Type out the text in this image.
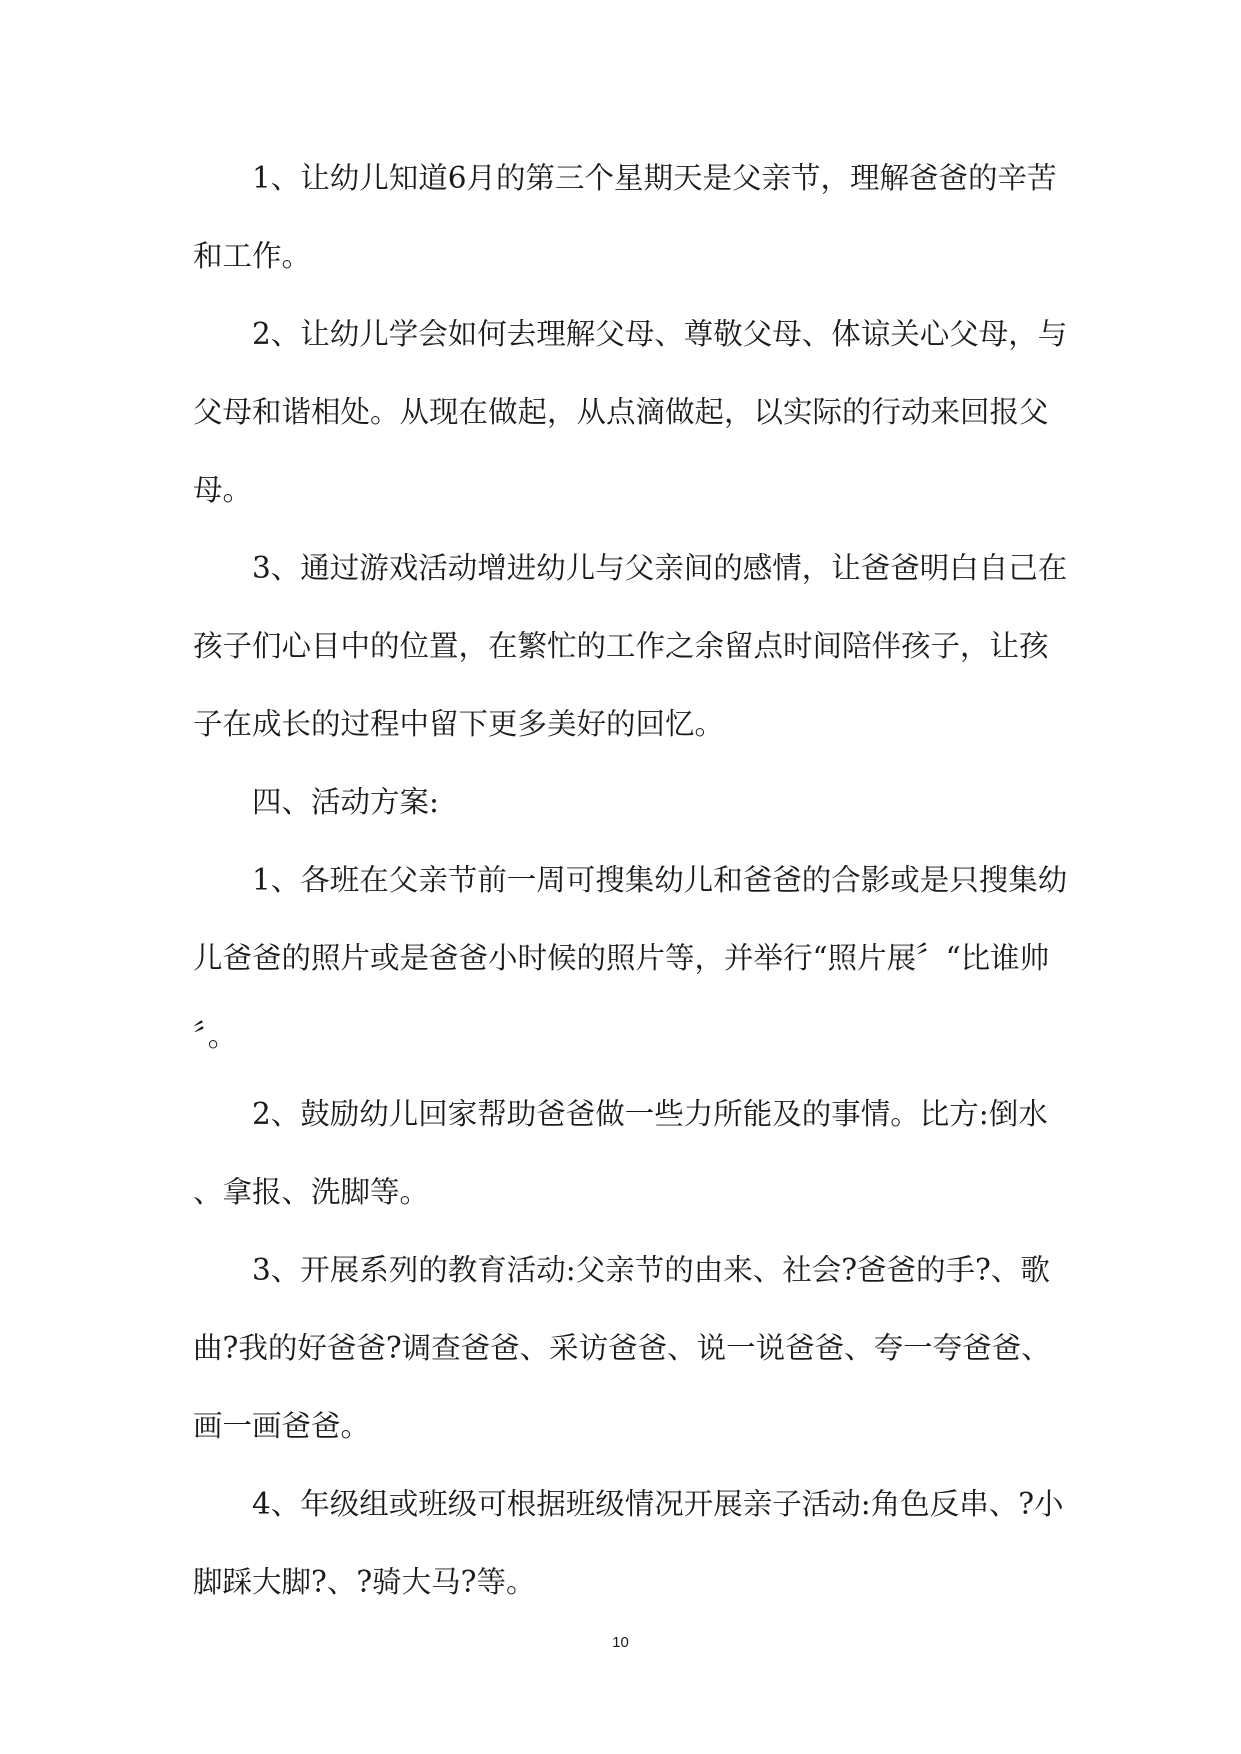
　　1、让幼儿知道6月的第三个星期天是父亲节，理解爸爸的辛苦

和工作。

　　2、让幼儿学会如何去理解父母、尊敬父母、体谅关心父母，与

父母和谐相处。从现在做起，从点滴做起，以实际的行动来回报父

母。

　　3、通过游戏活动增进幼儿与父亲间的感情，让爸爸明白自己在

孩子们心目中的位置，在繁忙的工作之余留点时间陪伴孩子，让孩

子在成长的过程中留下更多美好的回忆。

　　四、活动方案:

　　1、各班在父亲节前一周可搜集幼儿和爸爸的合影或是只搜集幼

儿爸爸的照片或是爸爸小时候的照片等，并举行“照片展〞“比谁帅

〞。

　　2、鼓励幼儿回家帮助爸爸做一些力所能及的事情。比方:倒水

、拿报、洗脚等。

　　3、开展系列的教育活动:父亲节的由来、社会?爸爸的手?、歌

曲?我的好爸爸?调查爸爸、采访爸爸、说一说爸爸、夸一夸爸爸、

画一画爸爸。

　　4、年级组或班级可根据班级情况开展亲子活动:角色反串、?小

脚踩大脚?、?骑大马?等。

10
